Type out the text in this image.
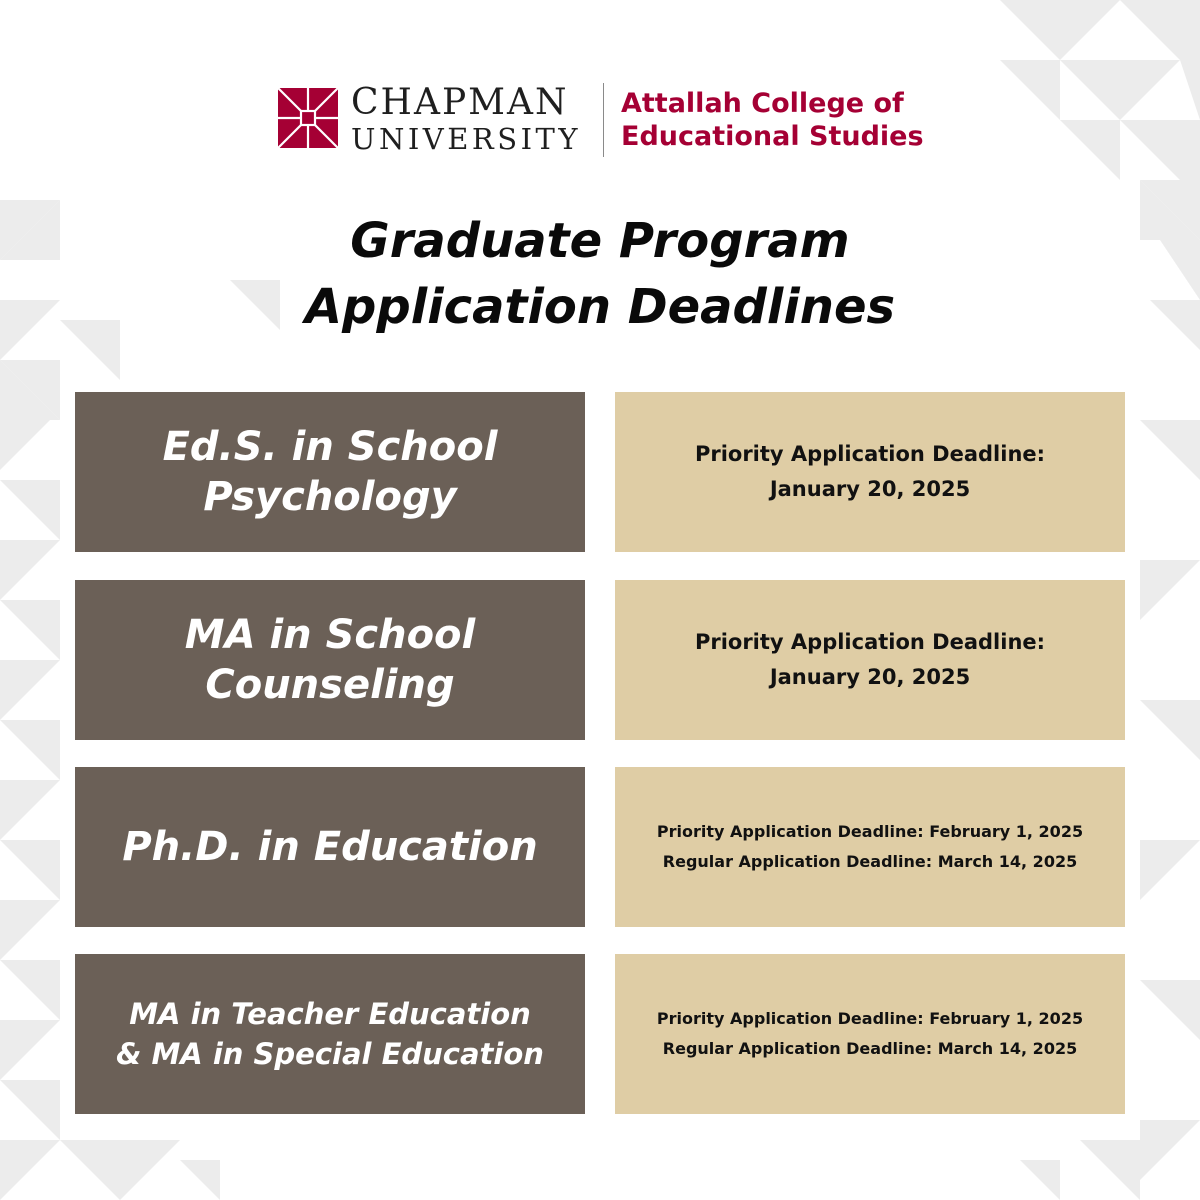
CHAPMAN
UNIVERSITY
Attallah College of
Educational Studies
Graduate Program
Application Deadlines
Ed.S. in School
Psychology
Priority Application Deadline:
January 20, 2025
MA in School
Counseling
Priority Application Deadline:
January 20, 2025
Ph.D. in Education	Priority Application Deadline: February 1, 2025
Regular Application Deadline: March 14, 2025
MA in Teacher Education
& MA in Special Education
Priority Application Deadline: February 1, 2025
Regular Application Deadline: March 14, 2025
